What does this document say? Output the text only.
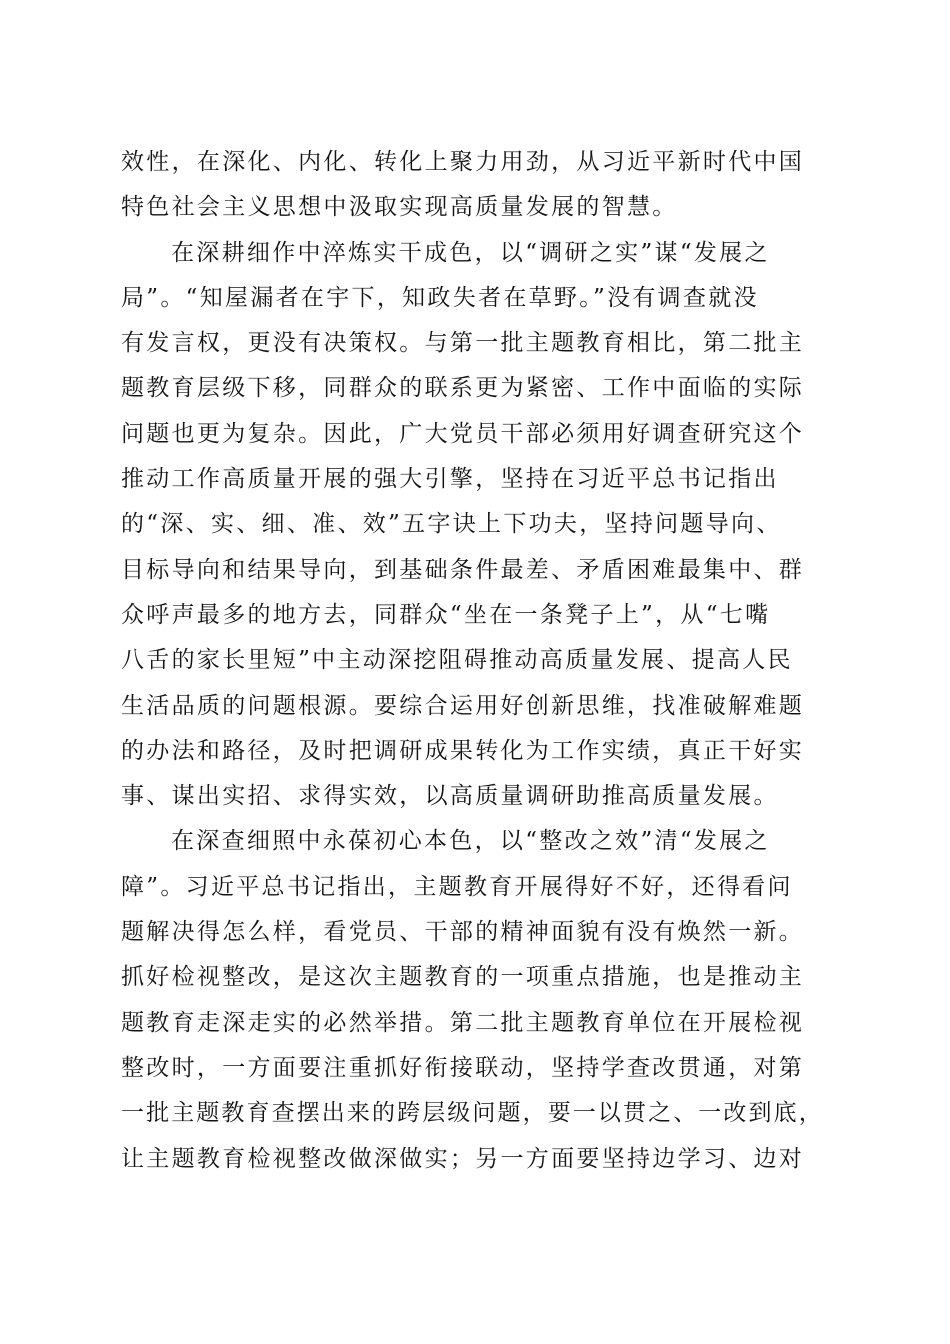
效性，在深化、内化、转化上聚力用劲，从习近平新时代中国
特色社会主义思想中汲取实现高质量发展的智慧。
在深耕细作中淬炼实干成色，以“调研之实”谋“发展之
局”。“知屋漏者在宇下，知政失者在草野。”没有调查就没
有发言权，更没有决策权。与第一批主题教育相比，第二批主
题教育层级下移，同群众的联系更为紧密、工作中面临的实际
问题也更为复杂。因此，广大党员干部必须用好调查研究这个
推动工作高质量开展的强大引擎，坚持在习近平总书记指出
的“深、实、细、准、效”五字诀上下功夫，坚持问题导向、
目标导向和结果导向，到基础条件最差、矛盾困难最集中、群
众呼声最多的地方去，同群众“坐在一条凳子上”，从“七嘴
八舌的家长里短”中主动深挖阻碍推动高质量发展、提高人民
生活品质的问题根源。要综合运用好创新思维，找准破解难题
的办法和路径，及时把调研成果转化为工作实绩，真正干好实
事、谋出实招、求得实效，以高质量调研助推高质量发展。
在深查细照中永葆初心本色，以“整改之效”清“发展之
障”。习近平总书记指出，主题教育开展得好不好，还得看问
题解决得怎么样，看党员、干部的精神面貌有没有焕然一新。
抓好检视整改，是这次主题教育的一项重点措施，也是推动主
题教育走深走实的必然举措。第二批主题教育单位在开展检视
整改时，一方面要注重抓好衔接联动，坚持学查改贯通，对第
一批主题教育查摆出来的跨层级问题，要一以贯之、一改到底，
让主题教育检视整改做深做实；另一方面要坚持边学习、边对
